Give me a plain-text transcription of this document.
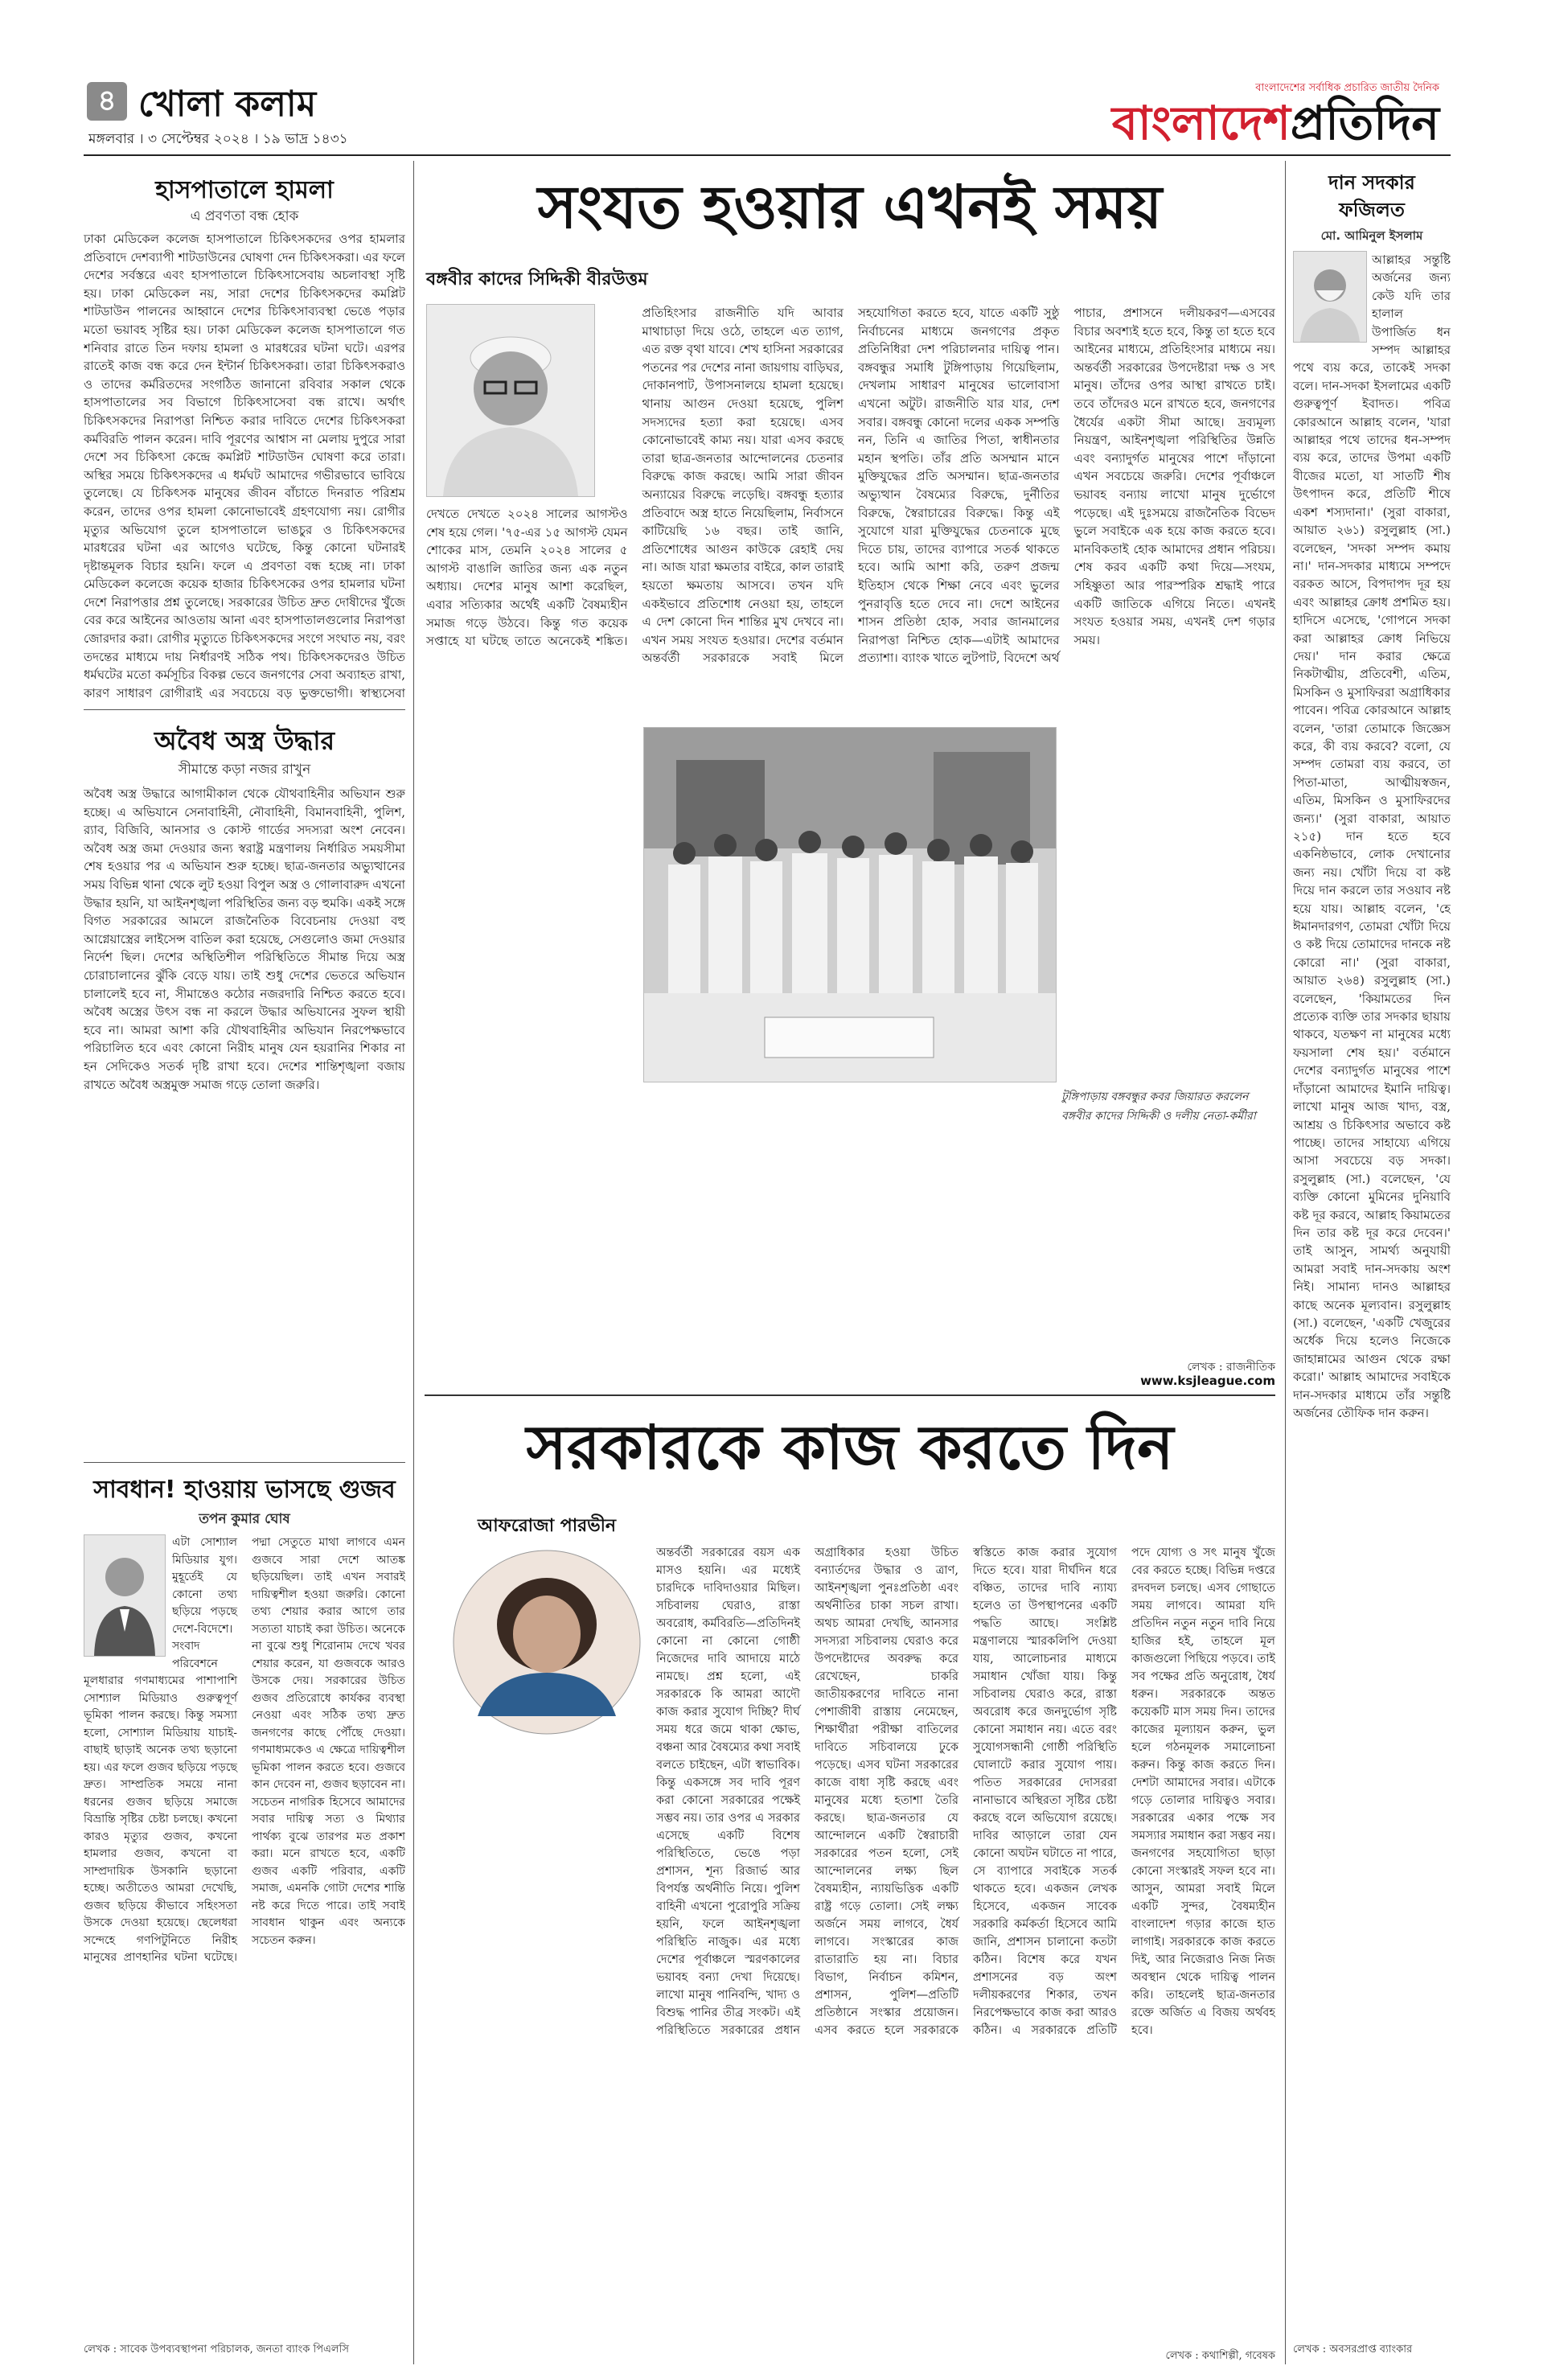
৪ খোলা কলাম
মঙ্গলবার । ৩ সেপ্টেম্বর ২০২৪ । ১৯ ভাদ্র ১৪৩১
বাংলাদেশের সর্বাধিক প্রচারিত জাতীয় দৈনিক
বাংলাদেশপ্রতিদিন
হাসপাতালে হামলা
এ প্রবণতা বন্ধ হোক
ঢাকা মেডিকেল কলেজ হাসপাতালে চিকিৎসকদের ওপর হামলার প্রতিবাদে দেশব্যাপী শাটডাউনের ঘোষণা দেন চিকিৎসকরা। এর ফলে দেশের সর্বস্তরে এবং হাসপাতালে চিকিৎসাসেবায় অচলাবস্থা সৃষ্টি হয়। ঢাকা মেডিকেল নয়, সারা দেশের চিকিৎসকদের কমপ্লিট শাটডাউন পালনের আহ্বানে দেশের চিকিৎসাব্যবস্থা ভেঙে পড়ার মতো ভয়াবহ সৃষ্টির হয়। ঢাকা মেডিকেল কলেজ হাসপাতালে গত শনিবার রাতে তিন দফায় হামলা ও মারধরের ঘটনা ঘটে। এরপর রাতেই কাজ বন্ধ করে দেন ইন্টার্ন চিকিৎসকরা। তারা চিকিৎসকরাও ও তাদের কর্মরিতদের সংগঠিত জানানো রবিবার সকাল থেকে হাসপাতালের সব বিভাগে চিকিৎসাসেবা বন্ধ রাখে। অর্থাৎ চিকিৎসকদের নিরাপত্তা নিশ্চিত করার দাবিতে দেশের চিকিৎসকরা কর্মবিরতি পালন করেন। দাবি পূরণের আশ্বাস না মেলায় দুপুরে সারা দেশে সব চিকিৎসা কেন্দ্রে কমপ্লিট শাটডাউন ঘোষণা করে তারা। অস্থির সময়ে চিকিৎসকদের এ ধর্মঘট আমাদের গভীরভাবে ভাবিয়ে তুলেছে। যে চিকিৎসক মানুষের জীবন বাঁচাতে দিনরাত পরিশ্রম করেন, তাদের ওপর হামলা কোনোভাবেই গ্রহণযোগ্য নয়। রোগীর মৃত্যুর অভিযোগ তুলে হাসপাতালে ভাঙচুর ও চিকিৎসকদের মারধরের ঘটনা এর আগেও ঘটেছে, কিন্তু কোনো ঘটনারই দৃষ্টান্তমূলক বিচার হয়নি। ফলে এ প্রবণতা বন্ধ হচ্ছে না। ঢাকা মেডিকেল কলেজে কয়েক হাজার চিকিৎসকের ওপর হামলার ঘটনা দেশে নিরাপত্তার প্রশ্ন তুলেছে। সরকারের উচিত দ্রুত দোষীদের খুঁজে বের করে আইনের আওতায় আনা এবং হাসপাতালগুলোর নিরাপত্তা জোরদার করা। রোগীর মৃত্যুতে চিকিৎসকদের সংগে সংঘাত নয়, বরং তদন্তের মাধ্যমে দায় নির্ধারণই সঠিক পথ। চিকিৎসকদেরও উচিত ধর্মঘটের মতো কর্মসূচির বিকল্প ভেবে জনগণের সেবা অব্যাহত রাখা, কারণ সাধারণ রোগীরাই এর সবচেয়ে বড় ভুক্তভোগী। স্বাস্থ্যসেবা
অবৈধ অস্ত্র উদ্ধার
সীমান্তে কড়া নজর রাখুন
অবৈধ অস্ত্র উদ্ধারে আগামীকাল থেকে যৌথবাহিনীর অভিযান শুরু হচ্ছে। এ অভিযানে সেনাবাহিনী, নৌবাহিনী, বিমানবাহিনী, পুলিশ, র‍্যাব, বিজিবি, আনসার ও কোস্ট গার্ডের সদস্যরা অংশ নেবেন। অবৈধ অস্ত্র জমা দেওয়ার জন্য স্বরাষ্ট্র মন্ত্রণালয় নির্ধারিত সময়সীমা শেষ হওয়ার পর এ অভিযান শুরু হচ্ছে। ছাত্র-জনতার অভ্যুত্থানের সময় বিভিন্ন থানা থেকে লুট হওয়া বিপুল অস্ত্র ও গোলাবারুদ এখনো উদ্ধার হয়নি, যা আইনশৃঙ্খলা পরিস্থিতির জন্য বড় হুমকি। একই সঙ্গে বিগত সরকারের আমলে রাজনৈতিক বিবেচনায় দেওয়া বহু আগ্নেয়াস্ত্রের লাইসেন্স বাতিল করা হয়েছে, সেগুলোও জমা দেওয়ার নির্দেশ ছিল। দেশের অস্থিতিশীল পরিস্থিতিতে সীমান্ত দিয়ে অস্ত্র চোরাচালানের ঝুঁকি বেড়ে যায়। তাই শুধু দেশের ভেতরে অভিযান চালালেই হবে না, সীমান্তেও কঠোর নজরদারি নিশ্চিত করতে হবে। অবৈধ অস্ত্রের উৎস বন্ধ না করলে উদ্ধার অভিযানের সুফল স্থায়ী হবে না। আমরা আশা করি যৌথবাহিনীর অভিযান নিরপেক্ষভাবে পরিচালিত হবে এবং কোনো নিরীহ মানুষ যেন হয়রানির শিকার না হন সেদিকেও সতর্ক দৃষ্টি রাখা হবে। দেশের শান্তিশৃঙ্খলা বজায় রাখতে অবৈধ অস্ত্রমুক্ত সমাজ গড়ে তোলা জরুরি।
সাবধান! হাওয়ায় ভাসছে গুজব
তপন কুমার ঘোষ
এটা সোশ্যাল মিডিয়ার যুগ। ম‍ুহূর্তেই যে কোনো তথ্য ছড়িয়ে পড়ছে দেশে-বিদেশে। সংবাদ পরিবেশনে মূলধারার গণমাধ্যমের পাশাপাশি সোশ্যাল মিডিয়াও গুরুত্বপূর্ণ ভূমিকা পালন করছে। কিন্তু সমস্যা হলো, সোশ্যাল মিডিয়ায় যাচাই-বাছাই ছাড়াই অনেক তথ্য ছড়ানো হয়। এর ফলে গুজব ছড়িয়ে পড়ছে দ্রুত। সাম্প্রতিক সময়ে নানা ধরনের গুজব ছড়িয়ে সমাজে বিভ্রান্তি সৃষ্টির চেষ্টা চলছে। কখনো কারও মৃত্যুর গুজব, কখনো হামলার গুজব, কখনো বা সাম্প্রদায়িক উসকানি ছড়ানো হচ্ছে। অতীতেও আমরা দেখেছি, গুজব ছড়িয়ে কীভাবে সহিংসতা উসকে দেওয়া হয়েছে। ছেলেধরা সন্দেহে গণপিটুনিতে নিরীহ মানুষের প্রাণহানির ঘটনা ঘটেছে। পদ্মা সেতুতে মাথা লাগবে এমন গুজবে সারা দেশে আতঙ্ক ছড়িয়েছিল। তাই এখন সবারই দায়িত্বশীল হওয়া জরুরি। কোনো তথ্য শেয়ার করার আগে তার সত্যতা যাচাই করা উচিত। অনেকে না বুঝে শুধু শিরোনাম দেখে খবর শেয়ার করেন, যা গুজবকে আরও উসকে দেয়। সরকারের উচিত গুজব প্রতিরোধে কার্যকর ব্যবস্থা নেওয়া এবং সঠিক তথ্য দ্রুত জনগণের কাছে পৌঁছে দেওয়া। গণমাধ্যমকেও এ ক্ষেত্রে দায়িত্বশীল ভূমিকা পালন করতে হবে। গুজবে কান দেবেন না, গুজব ছড়াবেন না। সচেতন নাগরিক হিসেবে আমাদের সবার দায়িত্ব সত্য ও মিথ্যার পার্থক্য বুঝে তারপর মত প্রকাশ করা। মনে রাখতে হবে, একটি গুজব একটি পরিবার, একটি সমাজ, এমনকি গোটা দেশের শান্তি নষ্ট করে দিতে পারে। তাই সবাই সাবধান থাকুন এবং অন্যকে সচেতন করুন।
লেখক : সাবেক উপব্যবস্থাপনা পরিচালক, জনতা ব্যাংক পিএলসি
সংযত হওয়ার এখনই সময়
বঙ্গবীর কাদের সিদ্দিকী বীরউত্তম

দেখতে দেখতে ২০২৪ সালের আগস্টও শেষ হয়ে গেল। '৭৫-এর ১৫ আগস্ট যেমন শোকের মাস, তেমনি ২০২৪ সালের ৫ আগস্ট বাঙালি জাতির জন্য এক নতুন অধ্যায়। দেশের মানুষ আশা করেছিল, এবার সত্যিকার অর্থেই একটি বৈষম্যহীন সমাজ গড়ে উঠবে। কিন্তু গত কয়েক সপ্তাহে যা ঘটছে তাতে অনেকেই শঙ্কিত। প্রতিহিংসার রাজনীতি যদি আবার মাথাচাড়া দিয়ে ওঠে, তাহলে এত ত্যাগ, এত রক্ত বৃথা যাবে। শেখ হাসিনা সরকারের পতনের পর দেশের নানা জায়গায় বাড়িঘর, দোকানপাট, উপাসনালয়ে হামলা হয়েছে। থানায় আগুন দেওয়া হয়েছে, পুলিশ সদস্যদের হত্যা করা হয়েছে। এসব কোনোভাবেই কাম্য নয়। যারা এসব করছে তারা ছাত্র-জনতার আন্দোলনের চেতনার বিরুদ্ধে কাজ করছে। আমি সারা জীবন অন্যায়ের বিরুদ্ধে লড়েছি। বঙ্গবন্ধু হত্যার প্রতিবাদে অস্ত্র হাতে নিয়েছিলাম, নির্বাসনে কাটিয়েছি ১৬ বছর। তাই জানি, প্রতিশোধের আগুন কাউকে রেহাই দেয় না। আজ যারা ক্ষমতার বাইরে, কাল তারাই হয়তো ক্ষমতায় আসবে। তখন যদি একইভাবে প্রতিশোধ নেওয়া হয়, তাহলে এ দেশ কোনো দিন শান্তির মুখ দেখবে না। এখন সময় সংযত হওয়ার। দেশের বর্তমান অন্তর্বর্তী সরকারকে সবাই মিলে সহযোগিতা করতে হবে, যাতে একটি সুষ্ঠু নির্বাচনের মাধ্যমে জনগণের প্রকৃত প্রতিনিধিরা দেশ পরিচালনার দায়িত্ব পান। বঙ্গবন্ধুর সমাধি টুঙ্গিপাড়ায় গিয়েছিলাম, দেখলাম সাধারণ মানুষের ভালোবাসা এখনো অটুট। রাজনীতি যার যার, দেশ সবার। বঙ্গবন্ধু কোনো দলের একক সম্পত্তি নন, তিনি এ জাতির পিতা, স্বাধীনতার মহান স্থপতি। তাঁর প্রতি অসম্মান মানে মুক্তিযুদ্ধের প্রতি অসম্মান। ছাত্র-জনতার অভ্যুত্থান বৈষম্যের বিরুদ্ধে, দুর্নীতির বিরুদ্ধে, স্বৈরাচারের বিরুদ্ধে। কিন্তু এই সুযোগে যারা মুক্তিযুদ্ধের চেতনাকে মুছে দিতে চায়, তাদের ব্যাপারে সতর্ক থাকতে হবে। আমি আশা করি, তরুণ প্রজন্ম ইতিহাস থেকে শিক্ষা নেবে এবং ভুলের পুনরাবৃত্তি হতে দেবে না। দেশে আইনের শাসন প্রতিষ্ঠা হোক, সবার জানমালের নিরাপত্তা নিশ্চিত হোক—এটাই আমাদের প্রত্যাশা। ব্যাংক খাতে লুটপাট, বিদেশে অর্থ পাচার, প্রশাসনে দলীয়করণ—এসবের বিচার অবশ্যই হতে হবে, কিন্তু তা হতে হবে আইনের মাধ্যমে, প্রতিহিংসার মাধ্যমে নয়। অন্তর্বর্তী সরকারের উপদেষ্টারা দক্ষ ও সৎ মানুষ। তাঁদের ওপর আস্থা রাখতে চাই। তবে তাঁদেরও মনে রাখতে হবে, জনগণের ধৈর্যের একটা সীমা আছে। দ্রব্যমূল্য নিয়ন্ত্রণ, আইনশৃঙ্খলা পরিস্থিতির উন্নতি এবং বন্যাদুর্গত মানুষের পাশে দাঁড়ানো এখন সবচেয়ে জরুরি। দেশের পূর্বাঞ্চলে ভয়াবহ বন্যায় লাখো মানুষ দুর্ভোগে পড়েছে। এই দুঃসময়ে রাজনৈতিক বিভেদ ভুলে সবাইকে এক হয়ে কাজ করতে হবে। মানবিকতাই হোক আমাদের প্রধান পরিচয়। শেষ করব একটি কথা দিয়ে—সংযম, সহিষ্ণুতা আর পারস্পরিক শ্রদ্ধাই পারে একটি জাতিকে এগিয়ে নিতে। এখনই সংযত হওয়ার সময়, এখনই দেশ গড়ার সময়।

টুঙ্গিপাড়ায় বঙ্গবন্ধুর কবর জিয়ারত করলেন বঙ্গবীর কাদের সিদ্দিকী ও দলীয় নেতা-কর্মীরা
লেখক : রাজনীতিক
www.ksjleague.com
সরকারকে কাজ করতে দিন
আফরোজা পারভীন
অন্তর্বর্তী সরকারের বয়স এক মাসও হয়নি। এর মধ্যেই চারদিকে দাবিদাওয়ার মিছিল। সচিবালয় ঘেরাও, রাস্তা অবরোধ, কর্মবিরতি—প্রতিদিনই কোনো না কোনো গোষ্ঠী নিজেদের দাবি আদায়ে মাঠে নামছে। প্রশ্ন হলো, এই সরকারকে কি আমরা আদৌ কাজ করার সুযোগ দিচ্ছি? দীর্ঘ সময় ধরে জমে থাকা ক্ষোভ, বঞ্চনা আর বৈষম্যের কথা সবাই বলতে চাইছেন, এটা স্বাভাবিক। কিন্তু একসঙ্গে সব দাবি পূরণ করা কোনো সরকারের পক্ষেই সম্ভব নয়। তার ওপর এ সরকার এসেছে একটি বিশেষ পরিস্থিতিতে, ভেঙে পড়া প্রশাসন, শূন্য রিজার্ভ আর বিপর্যস্ত অর্থনীতি নিয়ে। পুলিশ বাহিনী এখনো পুরোপুরি সক্রিয় হয়নি, ফলে আইনশৃঙ্খলা পরিস্থিতি নাজুক। এর মধ্যে দেশের পূর্বাঞ্চলে স্মরণকালের ভয়াবহ বন্যা দেখা দিয়েছে। লাখো মানুষ পানিবন্দি, খাদ্য ও বিশুদ্ধ পানির তীব্র সংকট। এই পরিস্থিতিতে সরকারের প্রধান অগ্রাধিকার হওয়া উচিত বন্যার্তদের উদ্ধার ও ত্রাণ, আইনশৃঙ্খলা পুনঃপ্রতিষ্ঠা এবং অর্থনীতির চাকা সচল রাখা। অথচ আমরা দেখছি, আনসার সদস্যরা সচিবালয় ঘেরাও করে উপদেষ্টাদের অবরুদ্ধ করে রেখেছেন, চাকরি জাতীয়করণের দাবিতে নানা পেশাজীবী রাস্তায় নেমেছেন, শিক্ষার্থীরা পরীক্ষা বাতিলের দাবিতে সচিবালয়ে ঢুকে পড়েছে। এসব ঘটনা সরকারের কাজে বাধা সৃষ্টি করছে এবং মানুষের মধ্যে হতাশা তৈরি করছে। ছাত্র-জনতার যে আন্দোলনে একটি স্বৈরাচারী সরকারের পতন হলো, সেই আন্দোলনের লক্ষ্য ছিল বৈষম্যহীন, ন্যায়ভিত্তিক একটি রাষ্ট্র গড়ে তোলা। সেই লক্ষ্য অর্জনে সময় লাগবে, ধৈর্য লাগবে। সংস্কারের কাজ রাতারাতি হয় না। বিচার বিভাগ, নির্বাচন কমিশন, প্রশাসন, পুলিশ—প্রতিটি প্রতিষ্ঠানে সংস্কার প্রয়োজন। এসব করতে হলে সরকারকে স্বস্তিতে কাজ করার সুযোগ দিতে হবে। যারা দীর্ঘদিন ধরে বঞ্চিত, তাদের দাবি ন্যায্য হলেও তা উপস্থাপনের একটি পদ্ধতি আছে। সংশ্লিষ্ট মন্ত্রণালয়ে স্মারকলিপি দেওয়া যায়, আলোচনার মাধ্যমে সমাধান খোঁজা যায়। কিন্তু সচিবালয় ঘেরাও করে, রাস্তা অবরোধ করে জনদুর্ভোগ সৃষ্টি কোনো সমাধান নয়। এতে বরং সুযোগসন্ধানী গোষ্ঠী পরিস্থিতি ঘোলাটে করার সুযোগ পায়। পতিত সরকারের দোসররা নানাভাবে অস্থিরতা সৃষ্টির চেষ্টা করছে বলে অভিযোগ রয়েছে। দাবির আড়ালে তারা যেন কোনো অঘটন ঘটাতে না পারে, সে ব্যাপারে সবাইকে সতর্ক থাকতে হবে। একজন লেখক হিসেবে, একজন সাবেক সরকারি কর্মকর্তা হিসেবে আমি জানি, প্রশাসন চালানো কতটা কঠিন। বিশেষ করে যখন প্রশাসনের বড় অংশ দলীয়করণের শিকার, তখন নিরপেক্ষভাবে কাজ করা আরও কঠিন। এ সরকারকে প্রতিটি পদে যোগ্য ও সৎ মানুষ খুঁজে বের করতে হচ্ছে। বিভিন্ন দপ্তরে রদবদল চলছে। এসব গোছাতে সময় লাগবে। আমরা যদি প্রতিদিন নতুন নতুন দাবি নিয়ে হাজির হই, তাহলে মূল কাজগুলো পিছিয়ে পড়বে। তাই সব পক্ষের প্রতি অনুরোধ, ধৈর্য ধরুন। সরকারকে অন্তত কয়েকটি মাস সময় দিন। তাদের কাজের মূল্যায়ন করুন, ভুল হলে গঠনমূলক সমালোচনা করুন। কিন্তু কাজ করতে দিন। দেশটা আমাদের সবার। এটাকে গড়ে তোলার দায়িত্বও সবার। সরকারের একার পক্ষে সব সমস্যার সমাধান করা সম্ভব নয়। জনগণের সহযোগিতা ছাড়া কোনো সংস্কারই সফল হবে না। আসুন, আমরা সবাই মিলে একটি সুন্দর, বৈষম্যহীন বাংলাদেশ গড়ার কাজে হাত লাগাই। সরকারকে কাজ করতে দিই, আর নিজেরাও নিজ নিজ অবস্থান থেকে দায়িত্ব পালন করি। তাহলেই ছাত্র-জনতার রক্তে অর্জিত এ বিজয় অর্থবহ হবে।
লেখক : কথাশিল্পী, গবেষক
দান সদকার ফজিলত
মো. আমিনুল ইসলাম
আল্লাহর সন্তুষ্টি অর্জনের জন্য কেউ যদি তার হালাল উপার্জিত ধন সম্পদ আল্লাহর পথে ব্যয় করে, তাকেই সদকা বলে। দান-সদকা ইসলামের একটি গুরুত্বপূর্ণ ইবাদত। পবিত্র কোরআনে আল্লাহ বলেন, 'যারা আল্লাহর পথে তাদের ধন-সম্পদ ব্যয় করে, তাদের উপমা একটি বীজের মতো, যা সাতটি শীষ উৎপাদন করে, প্রতিটি শীষে একশ শস্যদানা।' (সুরা বাকারা, আয়াত ২৬১) রসুলুল্লাহ (সা.) বলেছেন, 'সদকা সম্পদ কমায় না।' দান-সদকার মাধ্যমে সম্পদে বরকত আসে, বিপদাপদ দূর হয় এবং আল্লাহর ক্রোধ প্রশমিত হয়। হাদিসে এসেছে, 'গোপনে সদকা করা আল্লাহর ক্রোধ নিভিয়ে দেয়।' দান করার ক্ষেত্রে নিকটাত্মীয়, প্রতিবেশী, এতিম, মিসকিন ও মুসাফিররা অগ্রাধিকার পাবেন। পবিত্র কোরআনে আল্লাহ বলেন, 'তারা তোমাকে জিজ্ঞেস করে, কী ব্যয় করবে? বলো, যে সম্পদ তোমরা ব্যয় করবে, তা পিতা-মাতা, আত্মীয়স্বজন, এতিম, মিসকিন ও মুসাফিরদের জন্য।' (সুরা বাকারা, আয়াত ২১৫) দান হতে হবে একনিষ্ঠভাবে, লোক দেখানোর জন্য নয়। খোঁটা দিয়ে বা কষ্ট দিয়ে দান করলে তার সওয়াব নষ্ট হয়ে যায়। আল্লাহ বলেন, 'হে ঈমানদারগণ, তোমরা খোঁটা দিয়ে ও কষ্ট দিয়ে তোমাদের দানকে নষ্ট কোরো না।' (সুরা বাকারা, আয়াত ২৬৪) রসুলুল্লাহ (সা.) বলেছেন, 'কিয়ামতের দিন প্রত্যেক ব্যক্তি তার সদকার ছায়ায় থাকবে, যতক্ষণ না মানুষের মধ্যে ফয়সালা শেষ হয়।' বর্তমানে দেশের বন্যাদুর্গত মানুষের পাশে দাঁড়ানো আমাদের ইমানি দায়িত্ব। লাখো মানুষ আজ খাদ্য, বস্ত্র, আশ্রয় ও চিকিৎসার অভাবে কষ্ট পাচ্ছে। তাদের সাহায্যে এগিয়ে আসা সবচেয়ে বড় সদকা। রসুলুল্লাহ (সা.) বলেছেন, 'যে ব্যক্তি কোনো মুমিনের দুনিয়াবি কষ্ট দূর করবে, আল্লাহ কিয়ামতের দিন তার কষ্ট দূর করে দেবেন।' তাই আসুন, সামর্থ্য অনুযায়ী আমরা সবাই দান-সদকায় অংশ নিই। সামান্য দানও আল্লাহর কাছে অনেক মূল্যবান। রসুলুল্লাহ (সা.) বলেছেন, 'একটি খেজুরের অর্ধেক দিয়ে হলেও নিজেকে জাহান্নামের আগুন থেকে রক্ষা করো।' আল্লাহ আমাদের সবাইকে দান-সদকার মাধ্যমে তাঁর সন্তুষ্টি অর্জনের তৌফিক দান করুন।
লেখক : অবসরপ্রাপ্ত ব্যাংকার
